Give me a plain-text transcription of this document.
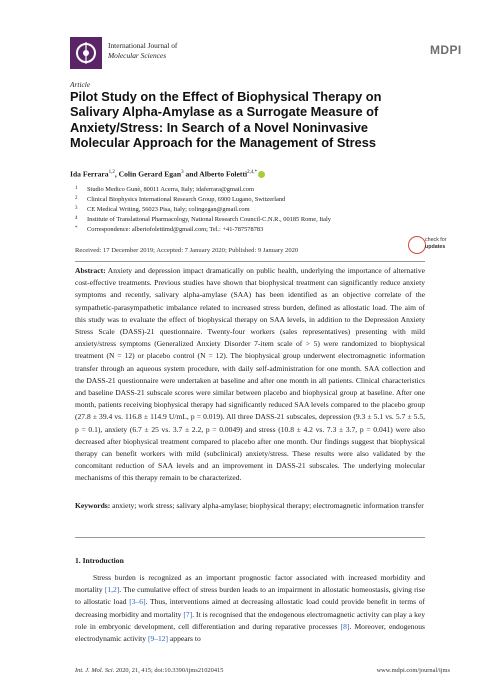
International Journal of
Molecular Sciences	MDPI
Article
Pilot Study on the Effect of Biophysical Therapy on Salivary Alpha-Amylase as a Surrogate Measure of Anxiety/Stress: In Search of a Novel Noninvasive Molecular Approach for the Management of Stress
Ida Ferrara$^{1,2}$, Colin Gerard Egan$^3$ and Alberto Foletti$^{2,4,*}$
1 Studio Medico Gunè, 80011 Acerra, Italy; idaferrara@gmail.com
2 Clinical Biophysics International Research Group, 6900 Lugano, Switzerland
3 CE Medical Writing, 56023 Pisa, Italy; colingegan@gmail.com
4 Institute of Translational Pharmacology, National Research Council-C.N.R., 00185 Rome, Italy
* Correspondence: albertofolettimd@gmail.com; Tel.: +41-787578783
Received: 17 December 2019; Accepted: 7 January 2020; Published: 9 January 2020
check for
updates
Abstract: Anxiety and depression impact dramatically on public health, underlying the importance of alternative cost-effective treatments. Previous studies have shown that biophysical treatment can significantly reduce anxiety symptoms and recently, salivary alpha-amylase (SAA) has been identified as an objective correlate of the sympathetic-parasympathetic imbalance related to increased stress burden, defined as allostatic load. The aim of this study was to evaluate the effect of biophysical therapy on SAA levels, in addition to the Depression Anxiety Stress Scale (DASS)-21 questionnaire. Twenty-four workers (sales representatives) presenting with mild anxiety/stress symptoms (Generalized Anxiety Disorder 7-item scale of > 5) were randomized to biophysical treatment (N = 12) or placebo control (N = 12). The biophysical group underwent electromagnetic information transfer through an aqueous system procedure, with daily self-administration for one month. SAA collection and the DASS-21 questionnaire were undertaken at baseline and after one month in all patients. Clinical characteristics and baseline DASS-21 subscale scores were similar between placebo and biophysical group at baseline. After one month, patients receiving biophysical therapy had significantly reduced SAA levels compared to the placebo group (27.8 ± 39.4 vs. 116.8 ± 114.9 U/mL, p = 0.019). All three DASS-21 subscales, depression (9.3 ± 5.1 vs. 5.7 ± 5.5, p = 0.1), anxiety (6.7 ± 25 vs. 3.7 ± 2.2, p = 0.0049) and stress (10.8 ± 4.2 vs. 7.3 ± 3.7, p = 0.041) were also decreased after biophysical treatment compared to placebo after one month. Our findings suggest that biophysical therapy can benefit workers with mild (subclinical) anxiety/stress. These results were also validated by the concomitant reduction of SAA levels and an improvement in DASS-21 subscales. The underlying molecular mechanisms of this therapy remain to be characterized.
Keywords: anxiety; work stress; salivary alpha-amylase; biophysical therapy; electromagnetic information transfer
1. Introduction
Stress burden is recognized as an important prognostic factor associated with increased morbidity and mortality [1,2]. The cumulative effect of stress burden leads to an impairment in allostatic homeostasis, giving rise to allostatic load [3–6]. Thus, interventions aimed at decreasing allostatic load could provide benefit in terms of decreasing morbidity and mortality [7]. It is recognised that the endogenous electromagnetic activity can play a key role in embryonic development, cell differentiation and during reparative processes [8]. Moreover, endogenous electrodynamic activity [9–12] appears to
Int. J. Mol. Sci. 2020, 21, 415; doi:10.3390/ijms21020415	www.mdpi.com/journal/ijms
